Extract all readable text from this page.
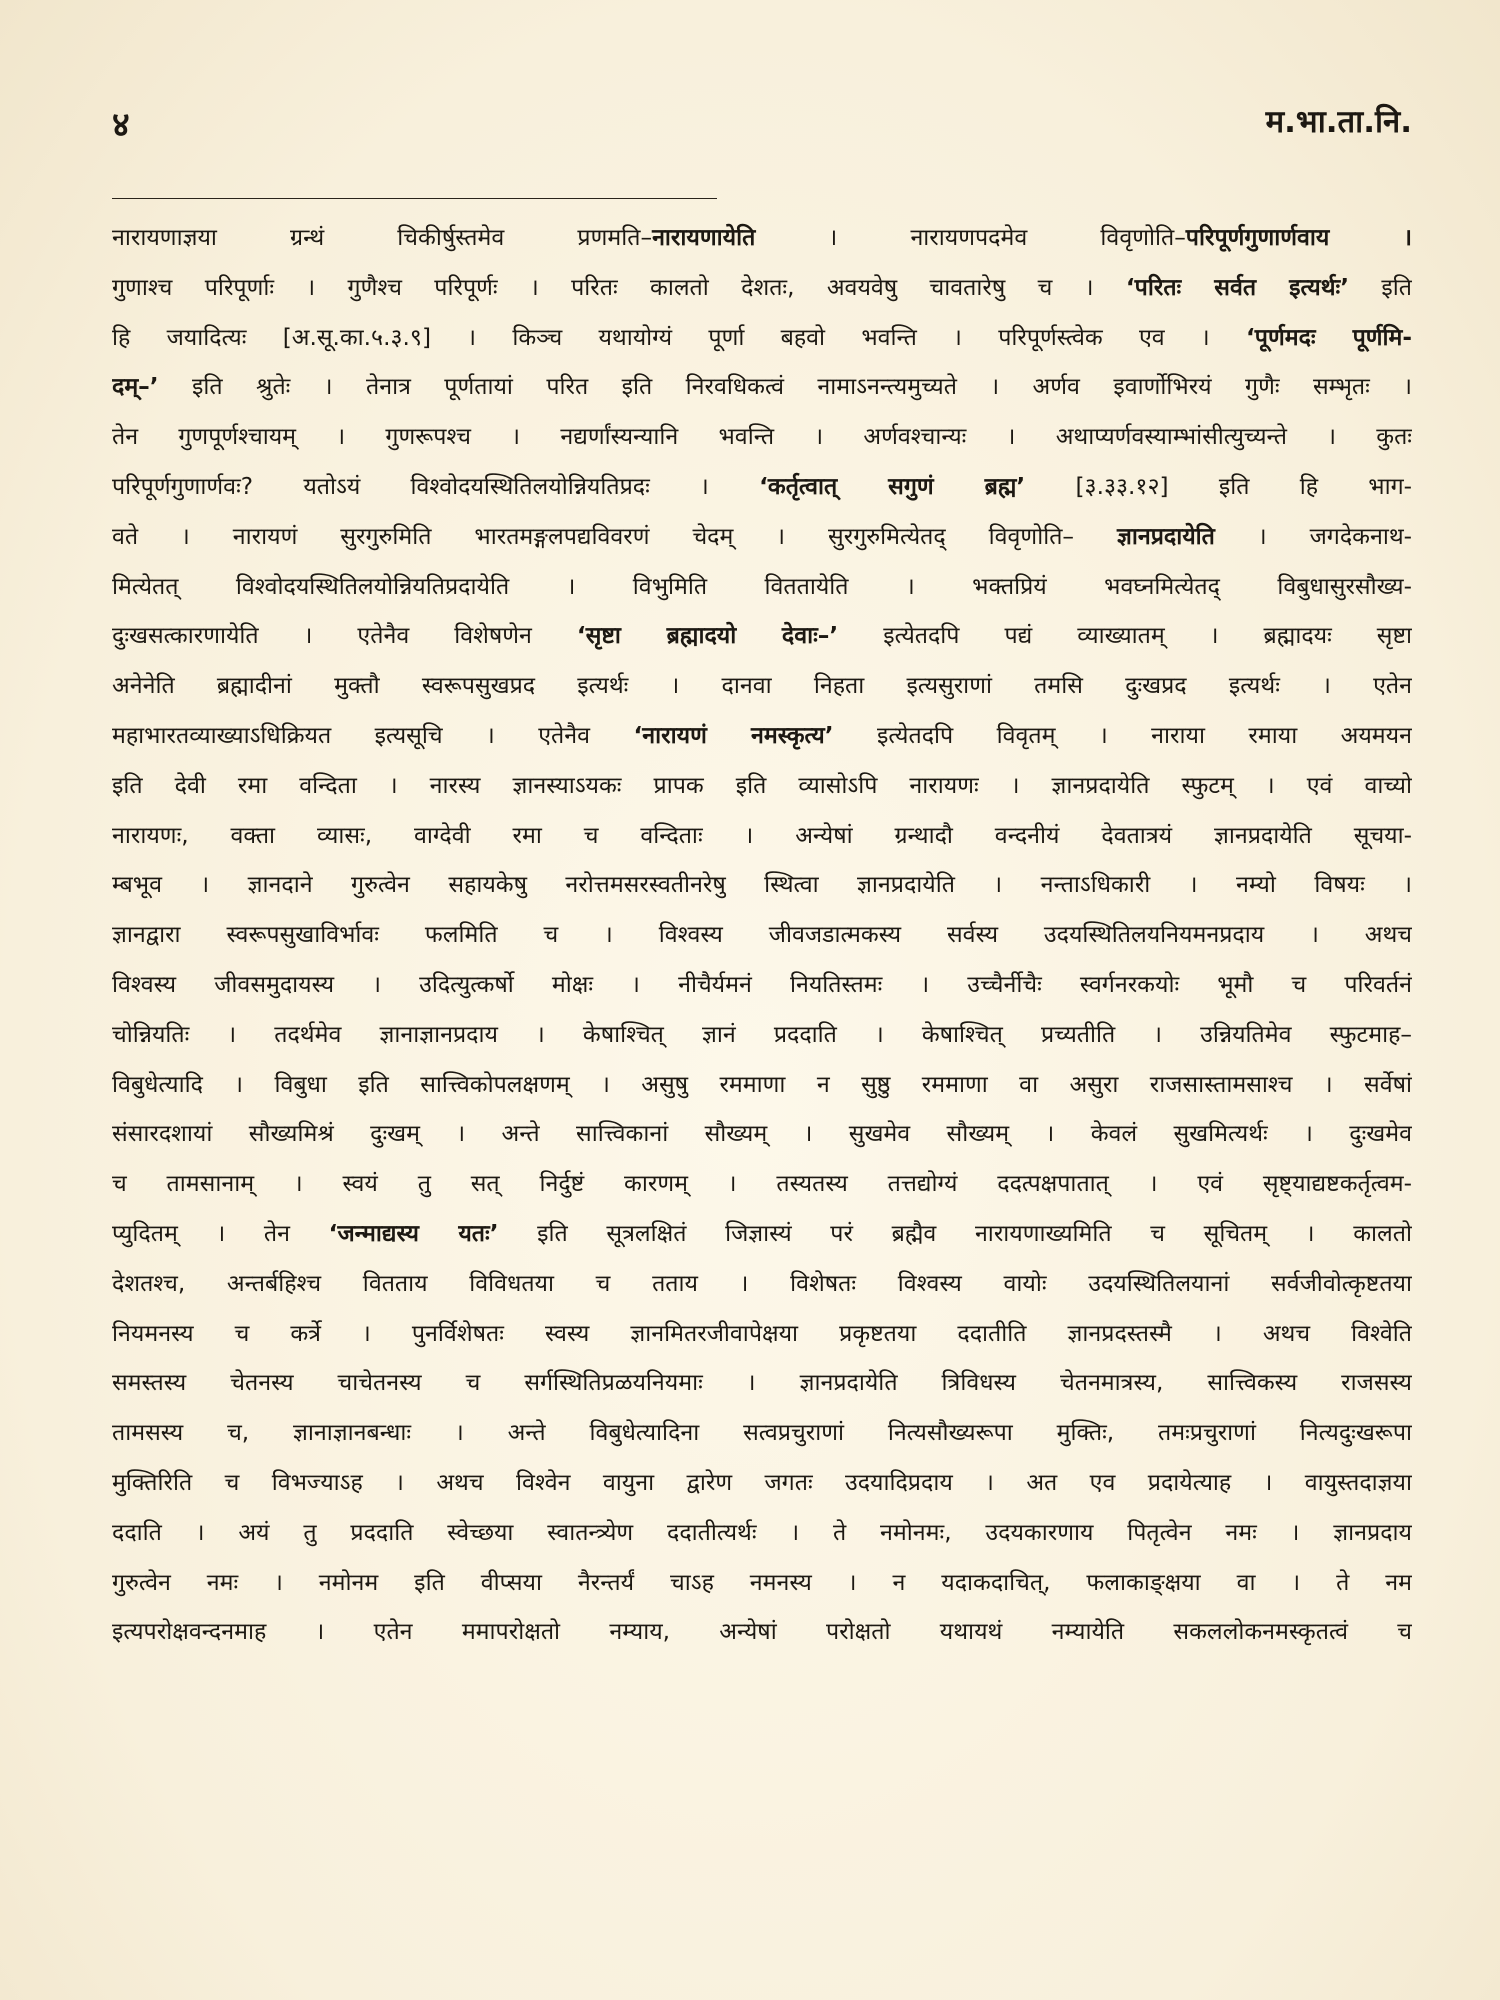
४	म.भा.ता.नि.
नारायणाज्ञया ग्रन्थं चिकीर्षुस्तमेव प्रणमति–नारायणायेति । नारायणपदमेव विवृणोति–परिपूर्णगुणार्णवाय ।
गुणाश्च परिपूर्णाः । गुणैश्च परिपूर्णः । परितः कालतो देशतः, अवयवेषु चावतारेषु च । ‘परितः सर्वत इत्यर्थः’ इति
हि जयादित्यः [अ.सू.का.५.३.९] । किञ्च यथायोग्यं पूर्णा बहवो भवन्ति । परिपूर्णस्त्वेक एव । ‘पूर्णमदः पूर्णमि-
दम्–’ इति श्रुतेः । तेनात्र पूर्णतायां परित इति निरवधिकत्वं नामाऽनन्त्यमुच्यते । अर्णव इवार्णोभिरयं गुणैः सम्भृतः ।
तेन गुणपूर्णश्चायम् । गुणरूपश्च । नद्यर्णांस्यन्यानि भवन्ति । अर्णवश्चान्यः । अथाप्यर्णवस्याम्भांसीत्युच्यन्ते । कुतः
परिपूर्णगुणार्णवः? यतोऽयं विश्वोदयस्थितिलयोन्नियतिप्रदः । ‘कर्तृत्वात् सगुणं ब्रह्म’ [३.३३.१२] इति हि भाग-
वते । नारायणं सुरगुरुमिति भारतमङ्गलपद्यविवरणं चेदम् । सुरगुरुमित्येतद् विवृणोति– ज्ञानप्रदायेति । जगदेकनाथ-
मित्येतत् विश्वोदयस्थितिलयोन्नियतिप्रदायेति । विभुमिति विततायेति । भक्तप्रियं भवघ्नमित्येतद् विबुधासुरसौख्य-
दुःखसत्कारणायेति । एतेनैव विशेषणेन ‘सृष्टा ब्रह्मादयो देवाः–’ इत्येतदपि पद्यं व्याख्यातम् । ब्रह्मादयः सृष्टा
अनेनेति ब्रह्मादीनां मुक्तौ स्वरूपसुखप्रद इत्यर्थः । दानवा निहता इत्यसुराणां तमसि दुःखप्रद इत्यर्थः । एतेन
महाभारतव्याख्याऽधिक्रियत इत्यसूचि । एतेनैव ‘नारायणं नमस्कृत्य’ इत्येतदपि विवृतम् । नाराया रमाया अयमयन
इति देवी रमा वन्दिता । नारस्य ज्ञानस्याऽयकः प्रापक इति व्यासोऽपि नारायणः । ज्ञानप्रदायेति स्फुटम् । एवं वाच्यो
नारायणः, वक्ता व्यासः, वाग्देवी रमा च वन्दिताः । अन्येषां ग्रन्थादौ वन्दनीयं देवतात्रयं ज्ञानप्रदायेति सूचया-
म्बभूव । ज्ञानदाने गुरुत्वेन सहायकेषु नरोत्तमसरस्वतीनरेषु स्थित्वा ज्ञानप्रदायेति । नन्ताऽधिकारी । नम्यो विषयः ।
ज्ञानद्वारा स्वरूपसुखाविर्भावः फलमिति च । विश्वस्य जीवजडात्मकस्य सर्वस्य उदयस्थितिलयनियमनप्रदाय । अथच
विश्वस्य जीवसमुदायस्य । उदित्युत्कर्षो मोक्षः । नीचैर्यमनं नियतिस्तमः । उच्चैर्नीचैः स्वर्गनरकयोः भूमौ च परिवर्तनं
चोन्नियतिः । तदर्थमेव ज्ञानाज्ञानप्रदाय । केषाश्चित् ज्ञानं प्रददाति । केषाश्चित् प्रच्यतीति । उन्नियतिमेव स्फुटमाह–
विबुधेत्यादि । विबुधा इति सात्त्विकोपलक्षणम् । असुषु रममाणा न सुष्ठु रममाणा वा असुरा राजसास्तामसाश्च । सर्वेषां
संसारदशायां सौख्यमिश्रं दुःखम् । अन्ते सात्त्विकानां सौख्यम् । सुखमेव सौख्यम् । केवलं सुखमित्यर्थः । दुःखमेव
च तामसानाम् । स्वयं तु सत् निर्दुष्टं कारणम् । तस्यतस्य तत्तद्योग्यं ददत्पक्षपातात् । एवं सृष्ट्याद्यष्टकर्तृत्वम-
प्युदितम् । तेन ‘जन्माद्यस्य यतः’ इति सूत्रलक्षितं जिज्ञास्यं परं ब्रह्मैव नारायणाख्यमिति च सूचितम् । कालतो
देशतश्च, अन्तर्बहिश्च वितताय विविधतया च तताय । विशेषतः विश्वस्य वायोः उदयस्थितिलयानां सर्वजीवोत्कृष्टतया
नियमनस्य च कर्त्रे । पुनर्विशेषतः स्वस्य ज्ञानमितरजीवापेक्षया प्रकृष्टतया ददातीति ज्ञानप्रदस्तस्मै । अथच विश्वेति
समस्तस्य चेतनस्य चाचेतनस्य च सर्गस्थितिप्रळयनियमाः । ज्ञानप्रदायेति त्रिविधस्य चेतनमात्रस्य, सात्त्विकस्य राजसस्य
तामसस्य च, ज्ञानाज्ञानबन्धाः । अन्ते विबुधेत्यादिना सत्वप्रचुराणां नित्यसौख्यरूपा मुक्तिः, तमःप्रचुराणां नित्यदुःखरूपा
मुक्तिरिति च विभज्याऽह । अथच विश्वेन वायुना द्वारेण जगतः उदयादिप्रदाय । अत एव प्रदायेत्याह । वायुस्तदाज्ञया
ददाति । अयं तु प्रददाति स्वेच्छया स्वातन्त्र्येण ददातीत्यर्थः । ते नमोनमः, उदयकारणाय पितृत्वेन नमः । ज्ञानप्रदाय
गुरुत्वेन नमः । नमोनम इति वीप्सया नैरन्तर्यं चाऽह नमनस्य । न यदाकदाचित्, फलाकाङ्क्षया वा । ते नम
इत्यपरोक्षवन्दनमाह । एतेन ममापरोक्षतो नम्याय, अन्येषां परोक्षतो यथायथं नम्यायेति सकललोकनमस्कृतत्वं च
